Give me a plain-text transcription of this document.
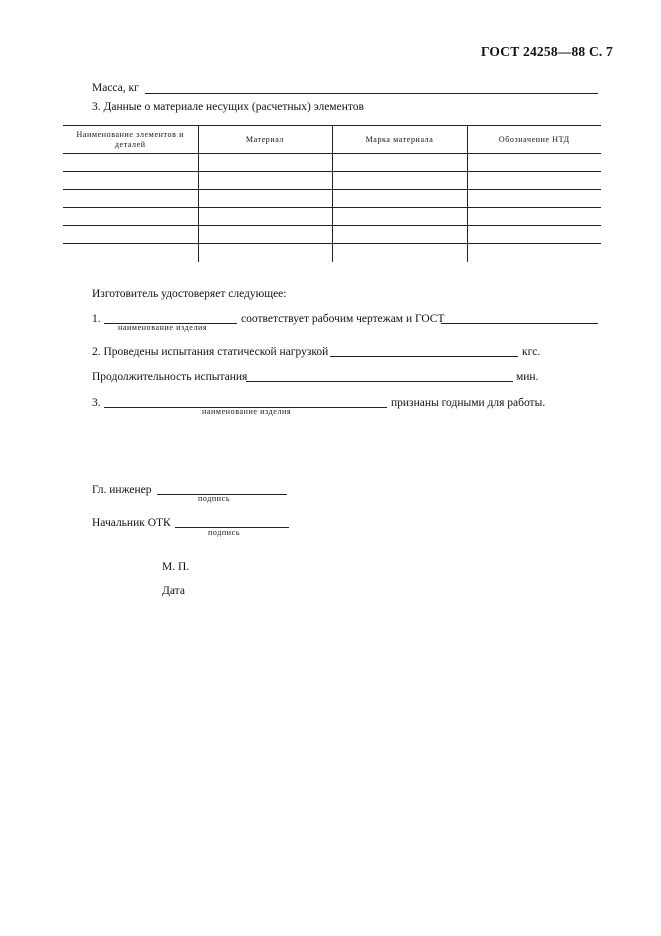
ГОСТ 24258—88 С. 7
Масса, кг
3. Данные о материале несущих (расчетных) элементов
Наименование элементов и деталей	Материал	Марка материала	Обозначение НТД

Изготовитель удостоверяет следующее:
1.	соответствует рабочим чертежам и ГОСТ
наименование изделия
2. Проведены испытания статической нагрузкой	кгс.
Продолжительность испытания	мин.
3.	признаны годными для работы.
наименование изделия
Гл. инженер
подпись
Начальник ОТК
подпись
М. П.
Дата
